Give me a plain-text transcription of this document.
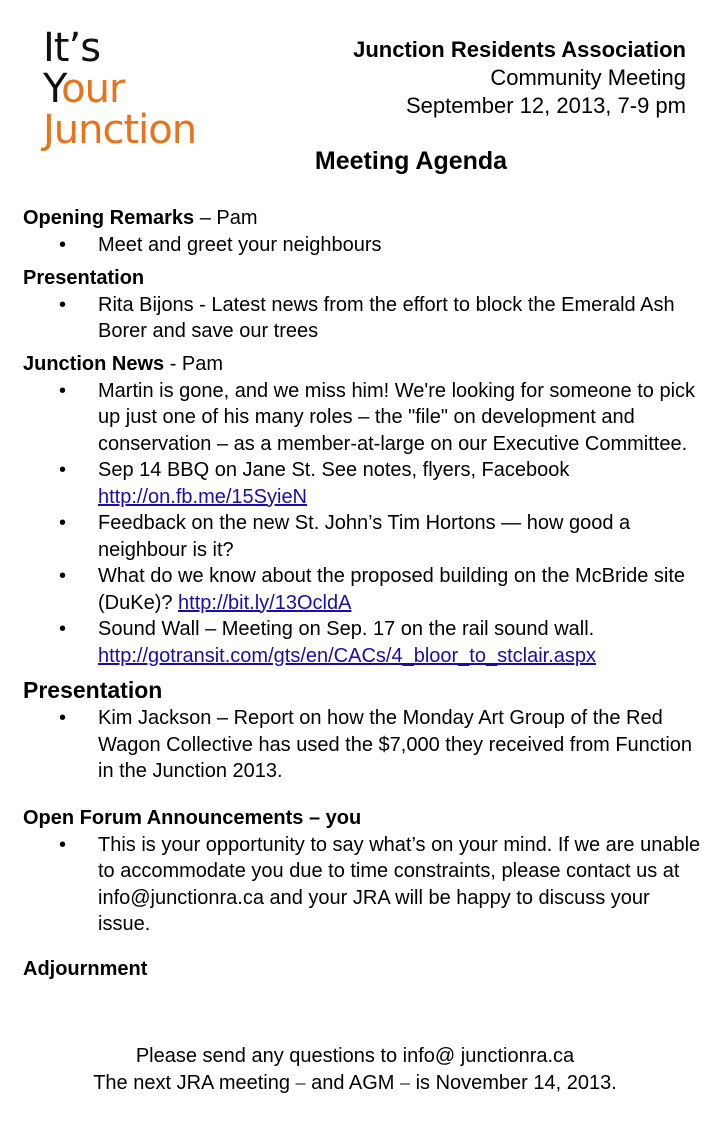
It’s
Your
Junction
Junction Residents Association
Community Meeting
September 12, 2013, 7-9 pm
Meeting Agenda
Opening Remarks – Pam
• Meet and greet your neighbours
Presentation
• Rita Bijons - Latest news from the effort to block the Emerald Ash Borer and save our trees
Junction News - Pam
• Martin is gone, and we miss him! We're looking for someone to pick up just one of his many roles – the "file" on development and conservation – as a member-at-large on our Executive Committee.
• Sep 14 BBQ on Jane St. See notes, flyers, Facebook
http://on.fb.me/15SyieN
• Feedback on the new St. John’s Tim Hortons — how good a neighbour is it?
• What do we know about the proposed building on the McBride site (DuKe)? http://bit.ly/13OcldA
• Sound Wall – Meeting on Sep. 17 on the rail sound wall.
http://gotransit.com/gts/en/CACs/4_bloor_to_stclair.aspx
Presentation
• Kim Jackson – Report on how the Monday Art Group of the Red Wagon Collective has used the $7,000 they received from Function in the Junction 2013.
Open Forum Announcements – you
• This is your opportunity to say what’s on your mind. If we are unable to accommodate you due to time constraints, please contact us at info@junctionra.ca and your JRA will be happy to discuss your issue.
Adjournment
Please send any questions to info@ junctionra.ca
The next JRA meeting ⎯ and AGM ⎯ is November 14, 2013.
